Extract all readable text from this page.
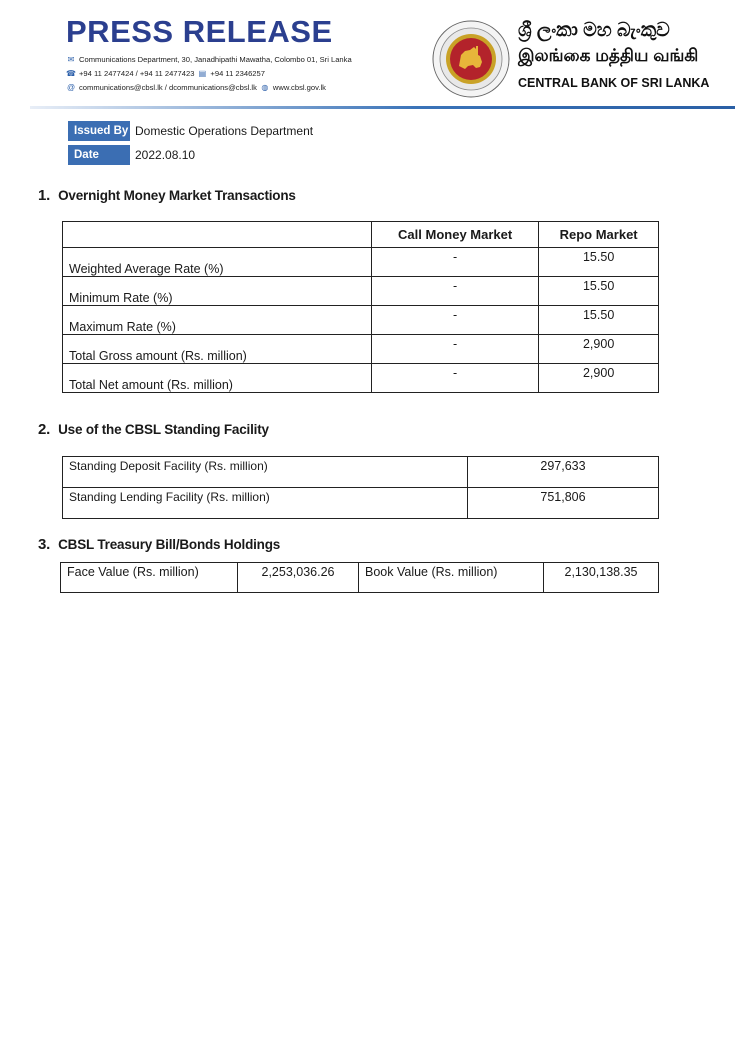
PRESS RELEASE
✉ Communications Department, 30, Janadhipathi Mawatha, Colombo 01, Sri Lanka
☎ +94 11 2477424 / +94 11 2477423 ▤ +94 11 2346257
@ communications@cbsl.lk / dcommunications@cbsl.lk ◍ www.cbsl.gov.lk
ශ්‍රී ලංකා මහ බැංකුව
இலங்கை மத்திய வங்கி
CENTRAL BANK OF SRI LANKA
Issued By Domestic Operations Department
Date	2022.08.10
1. Overnight Money Market Transactions
	Call Money Market	Repo Market
Weighted Average Rate (%)	-	15.50
Minimum Rate (%)	-	15.50
Maximum Rate (%)	-	15.50
Total Gross amount (Rs. million)	-	2,900
Total Net amount (Rs. million)	-	2,900
2. Use of the CBSL Standing Facility
Standing Deposit Facility (Rs. million)	297,633
Standing Lending Facility (Rs. million)	751,806
3. CBSL Treasury Bill/Bonds Holdings
Face Value (Rs. million)	2,253,036.26	Book Value (Rs. million)	2,130,138.35
